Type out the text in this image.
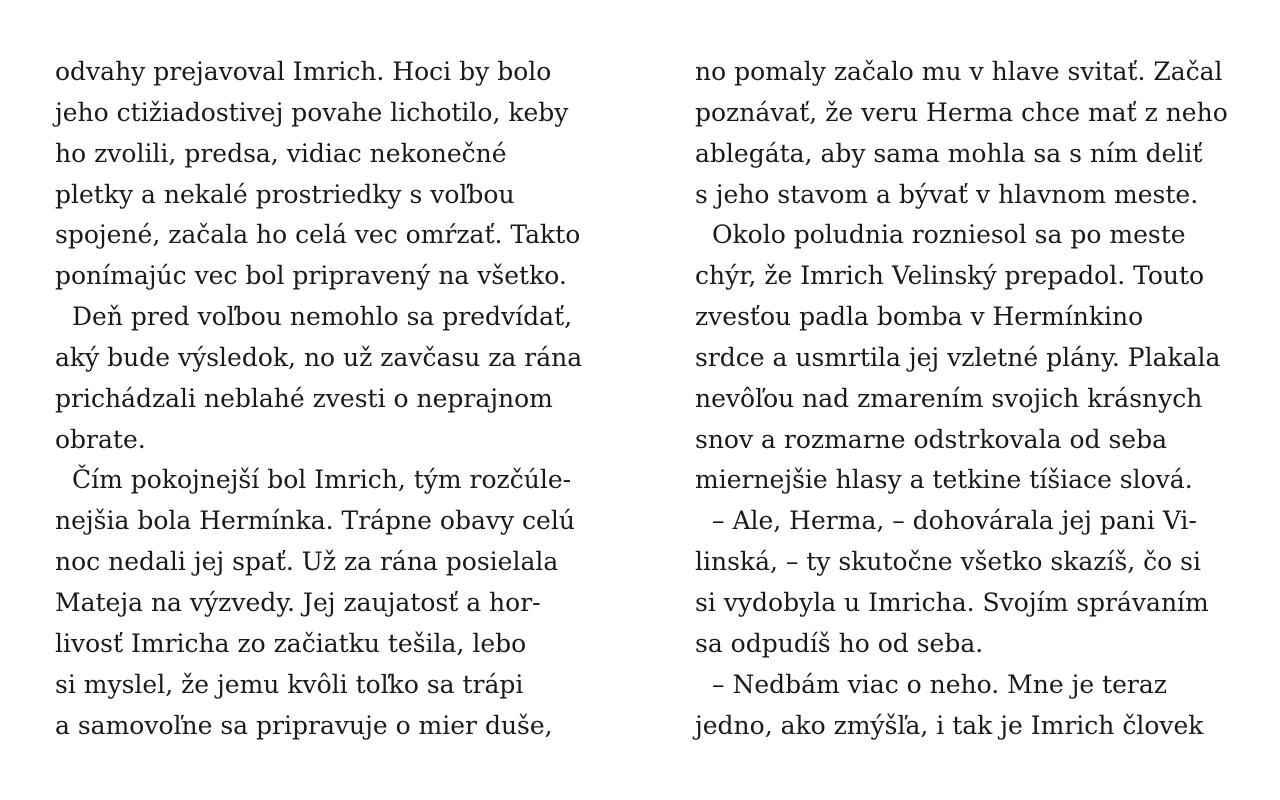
odvahy prejavoval Imrich. Hoci by bolo
jeho ctižiadostivej povahe lichotilo, keby
ho zvolili, predsa, vidiac nekonečné
pletky a nekalé prostriedky s voľbou
spojené, začala ho celá vec omŕzať. Takto
ponímajúc vec bol pripravený na všetko.
Deň pred voľbou nemohlo sa predvídať,
aký bude výsledok, no už zavčasu za rána
prichádzali neblahé zvesti o neprajnom
obrate.
Čím pokojnejší bol Imrich, tým rozčúle-
nejšia bola Hermínka. Trápne obavy celú
noc nedali jej spať. Už za rána posielala
Mateja na výzvedy. Jej zaujatosť a hor-
livosť Imricha zo začiatku tešila, lebo
si myslel, že jemu kvôli toľko sa trápi
a samovoľne sa pripravuje o mier duše,
no pomaly začalo mu v hlave svitať. Začal
poznávať, že veru Herma chce mať z neho
ablegáta, aby sama mohla sa s ním deliť
s jeho stavom a bývať v hlavnom meste.
Okolo poludnia rozniesol sa po meste
chýr, že Imrich Velinský prepadol. Touto
zvesťou padla bomba v Hermínkino
srdce a usmrtila jej vzletné plány. Plakala
nevôľou nad zmarením svojich krásnych
snov a rozmarne odstrkovala od seba
miernejšie hlasy a tetkine tíšiace slová.
– Ale, Herma, – dohovárala jej pani Vi-
linská, – ty skutočne všetko skazíš, čo si
si vydobyla u Imricha. Svojím správaním
sa odpudíš ho od seba.
– Nedbám viac o neho. Mne je teraz
jedno, ako zmýšľa, i tak je Imrich človek
